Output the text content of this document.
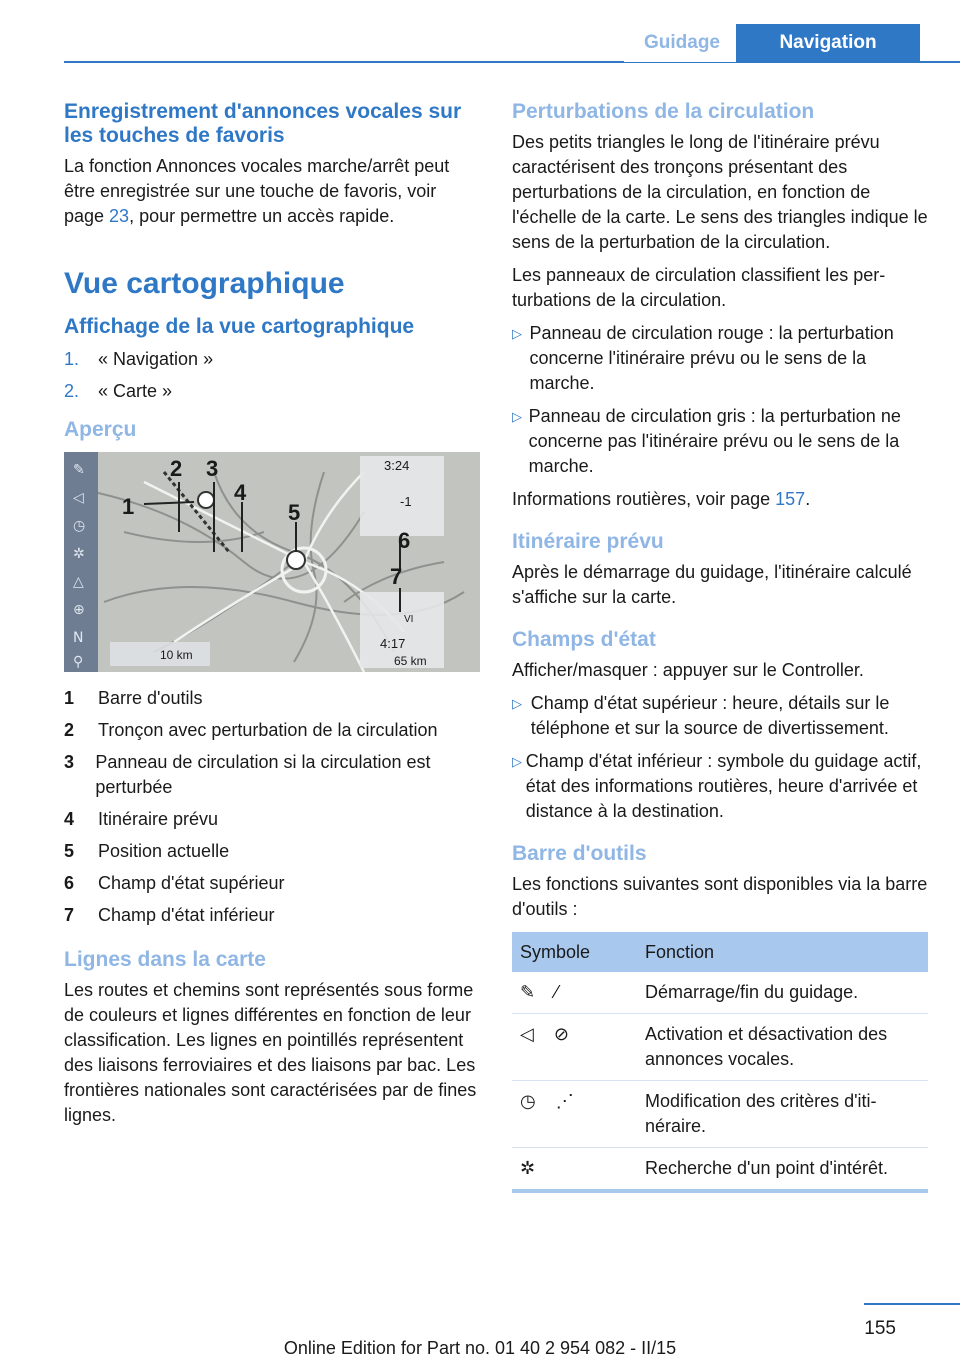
Guidage	Navigation
Enregistrement d'annonces vocales sur les touches de favoris

La fonction Annonces vocales marche/arrêt peut être enregistrée sur une touche de favoris, voir page 23, pour permettre un accès rapide.

Vue cartographique
Affichage de la vue cartographique
1.	« Navigation »
2.	« Carte »
Aperçu
✎
◁
◷
✲
△
⊕
N
⚲
3:24
-1
VI
4:17
65 km
10 km
1
2 3
4
5
6
7
1	Barre d'outils
2	Tronçon avec perturbation de la circulation
3	Panneau de circulation si la circulation est perturbée
4	Itinéraire prévu
5	Position actuelle
6	Champ d'état supérieur
7	Champ d'état inférieur
Lignes dans la carte

Les routes et chemins sont représentés sous forme de couleurs et lignes différentes en fonction de leur classification. Les lignes en pointillés représentent des liaisons ferroviaires et des liaisons par bac. Les frontières nationales sont caractérisées par de fines lignes.

Perturbations de la circulation

Des petits triangles le long de l'itinéraire prévu caractérisent des tronçons présentant des perturbations de la circulation, en fonction de l'échelle de la carte. Le sens des triangles indique le sens de la perturbation de la circulation.

Les panneaux de circulation classifient les perturbations de la circulation.

▷ Panneau de circulation rouge : la perturbation concerne l'itinéraire prévu ou le sens de la marche.
▷ Panneau de circulation gris : la perturbation ne concerne pas l'itinéraire prévu ou le sens de la marche.

Informations routières, voir page 157.

Itinéraire prévu

Après le démarrage du guidage, l'itinéraire calculé s'affiche sur la carte.

Champs d'état

Afficher/masquer : appuyer sur le Controller.

▷ Champ d'état supérieur : heure, détails sur le téléphone et sur la source de divertissement.
▷ Champ d'état inférieur : symbole du guidage actif, état des informations routières, heure d'arrivée et distance à la destination.
Barre d'outils

Les fonctions suivantes sont disponibles via la barre d'outils :

Symbole	Fonction
✎ ⁄	Démarrage/fin du guidage.
◁ ⊘	Activation et désactivation des annonces vocales.
◷ ⋰	Modification des critères d'itinéraire.
✲	Recherche d'un point d'intérêt.
155
Online Edition for Part no. 01 40 2 954 082 - II/15
